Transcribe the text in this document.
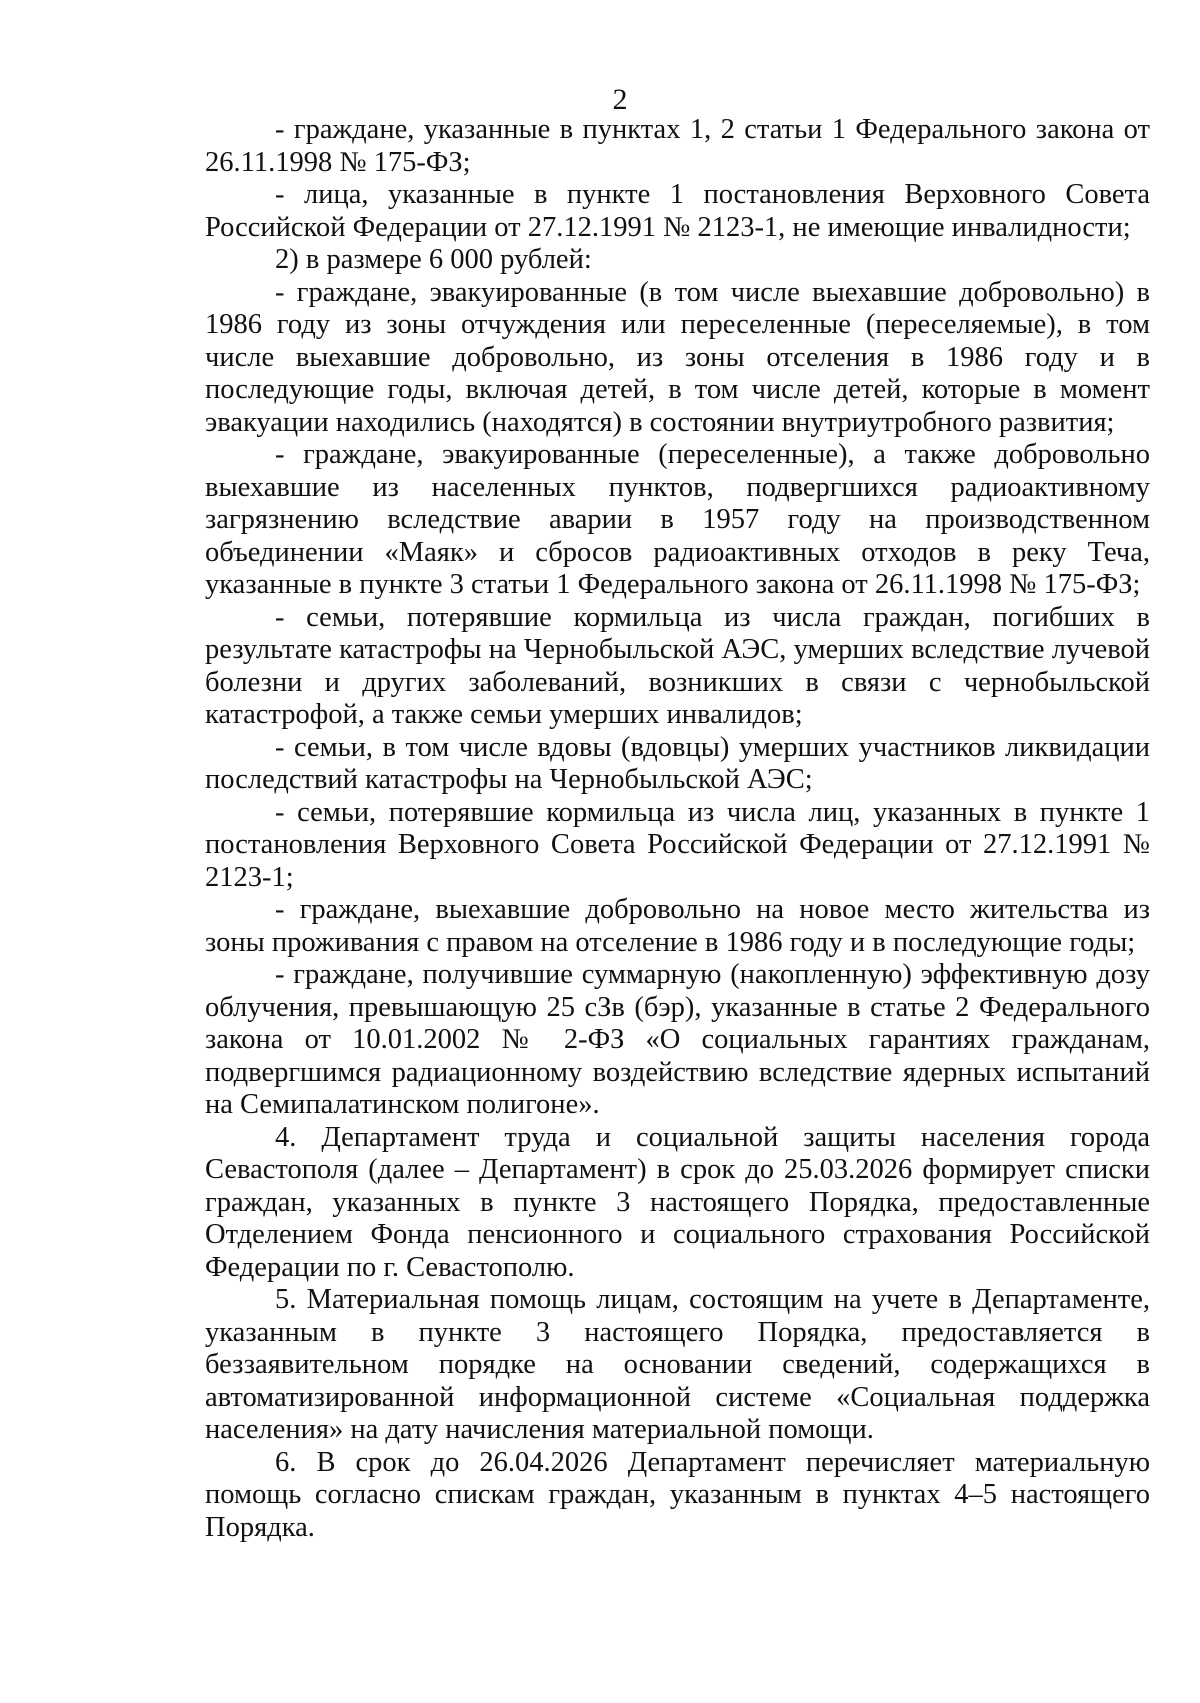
2

- граждане, указанные в пунктах 1, 2 статьи 1 Федерального закона от 26.11.1998 № 175-ФЗ;

- лица, указанные в пункте 1 постановления Верховного Совета Российской Федерации от 27.12.1991 № 2123-1, не имеющие инвалидности;

2) в размере 6 000 рублей:

- граждане, эвакуированные (в том числе выехавшие добровольно) в 1986 году из зоны отчуждения или переселенные (переселяемые), в том числе выехавшие добровольно, из зоны отселения в 1986 году и в последующие годы, включая детей, в том числе детей, которые в момент эвакуации находились (находятся) в состоянии внутриутробного развития;

- граждане, эвакуированные (переселенные), а также добровольно выехавшие из населенных пунктов, подвергшихся радиоактивному загрязнению вследствие аварии в 1957 году на производственном объединении «Маяк» и сбросов радиоактивных отходов в реку Теча, указанные в пункте 3 статьи 1 Федерального закона от 26.11.1998 № 175-ФЗ;

- семьи, потерявшие кормильца из числа граждан, погибших в результате катастрофы на Чернобыльской АЭС, умерших вследствие лучевой болезни и других заболеваний, возникших в связи с чернобыльской катастрофой, а также семьи умерших инвалидов;

- семьи, в том числе вдовы (вдовцы) умерших участников ликвидации последствий катастрофы на Чернобыльской АЭС;

- семьи, потерявшие кормильца из числа лиц, указанных в пункте 1 постановления Верховного Совета Российской Федерации от 27.12.1991 № 2123-1;

- граждане, выехавшие добровольно на новое место жительства из зоны проживания с правом на отселение в 1986 году и в последующие годы;

- граждане, получившие суммарную (накопленную) эффективную дозу облучения, превышающую 25 сЗв (бэр), указанные в статье 2 Федерального закона от 10.01.2002 № 2-ФЗ «О социальных гарантиях гражданам, подвергшимся радиационному воздействию вследствие ядерных испытаний на Семипалатинском полигоне».

4. Департамент труда и социальной защиты населения города Севастополя (далее – Департамент) в срок до 25.03.2026 формирует списки граждан, указанных в пункте 3 настоящего Порядка, предоставленные Отделением Фонда пенсионного и социального страхования Российской Федерации по г. Севастополю.

5. Материальная помощь лицам, состоящим на учете в Департаменте, указанным в пункте 3 настоящего Порядка, предоставляется в беззаявительном порядке на основании сведений, содержащихся в автоматизированной информационной системе «Социальная поддержка населения» на дату начисления материальной помощи.

6. В срок до 26.04.2026 Департамент перечисляет материальную помощь согласно спискам граждан, указанным в пунктах 4–5 настоящего Порядка.
